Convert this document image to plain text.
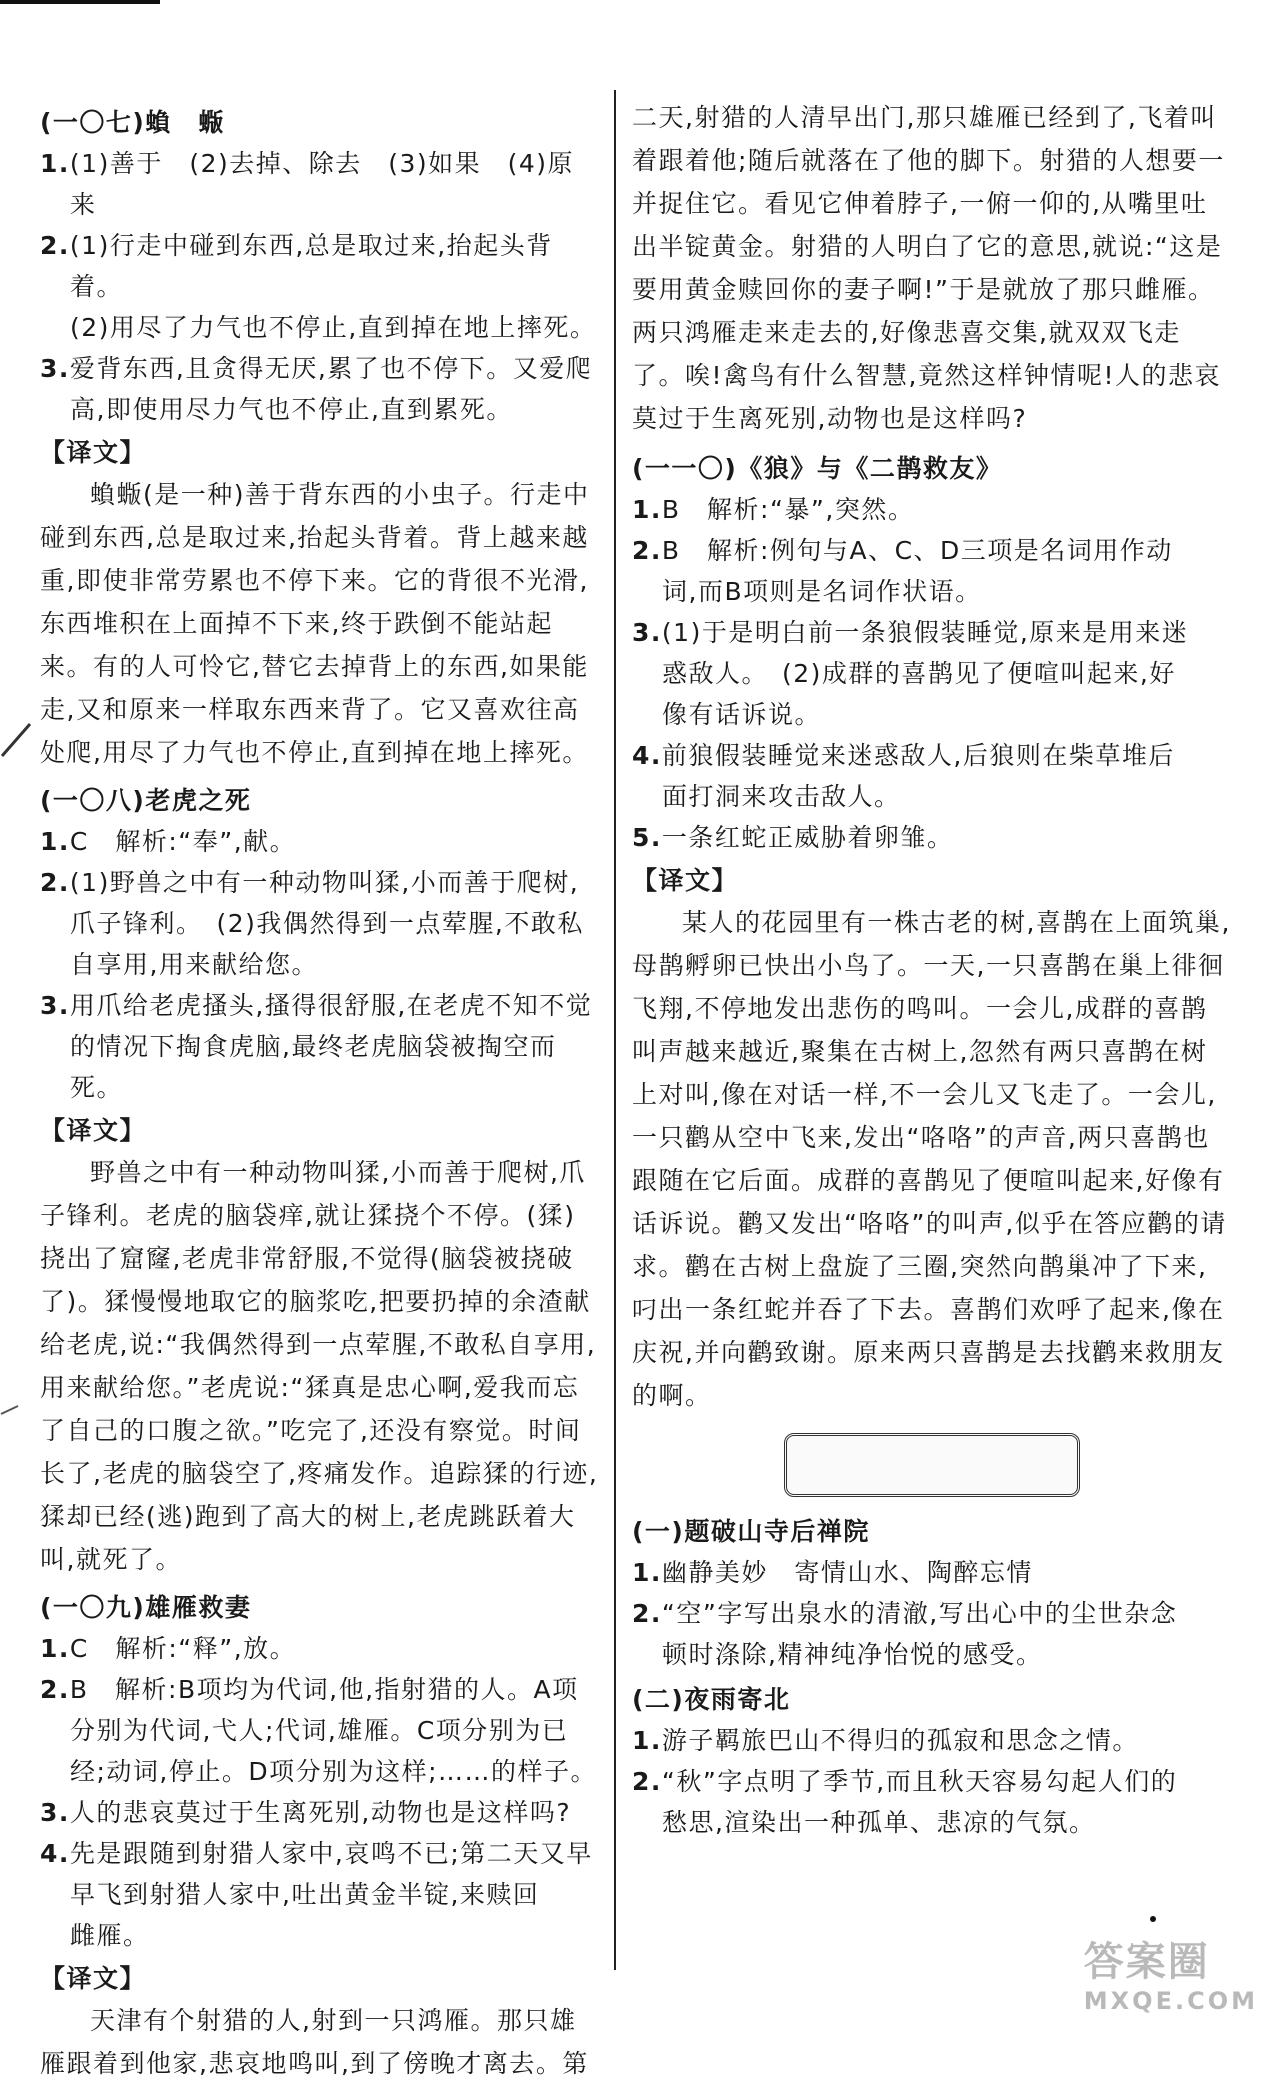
(一〇七)蝜　蝂
1.(1)善于　(2)去掉、除去　(3)如果　(4)原来
2.(1)行走中碰到东西,总是取过来,抬起头背着。
(2)用尽了力气也不停止,直到掉在地上摔死。
3.爱背东西,且贪得无厌,累了也不停下。又爱爬
高,即使用尽力气也不停止,直到累死。
【译文】

蝜蝂(是一种)善于背东西的小虫子。行走中碰到东西,总是取过来,抬起头背着。背上越来越重,即使非常劳累也不停下来。它的背很不光滑,东西堆积在上面掉不下来,终于跌倒不能站起来。有的人可怜它,替它去掉背上的东西,如果能走,又和原来一样取东西来背了。它又喜欢往高处爬,用尽了力气也不停止,直到掉在地上摔死。

(一〇八)老虎之死
1.C　解析:“奉”,献。
2.(1)野兽之中有一种动物叫猱,小而善于爬树,
爪子锋利。　(2)我偶然得到一点荤腥,不敢私
自享用,用来献给您。
3.用爪给老虎搔头,搔得很舒服,在老虎不知不觉
的情况下掏食虎脑,最终老虎脑袋被掏空而死。
【译文】

野兽之中有一种动物叫猱,小而善于爬树,爪子锋利。老虎的脑袋痒,就让猱挠个不停。(猱)挠出了窟窿,老虎非常舒服,不觉得(脑袋被挠破了)。猱慢慢地取它的脑浆吃,把要扔掉的余渣献给老虎,说:“我偶然得到一点荤腥,不敢私自享用,用来献给您。”老虎说:“猱真是忠心啊,爱我而忘了自己的口腹之欲。”吃完了,还没有察觉。时间长了,老虎的脑袋空了,疼痛发作。追踪猱的行迹,猱却已经(逃)跑到了高大的树上,老虎跳跃着大叫,就死了。

(一〇九)雄雁救妻
1.C　解析:“释”,放。
2.B　解析:B项均为代词,他,指射猎的人。A项
分别为代词,弋人;代词,雄雁。C项分别为已
经;动词,停止。D项分别为这样;……的样子。
3.人的悲哀莫过于生离死别,动物也是这样吗?
4.先是跟随到射猎人家中,哀鸣不已;第二天又早
早飞到射猎人家中,吐出黄金半锭,来赎回
雌雁。
【译文】

天津有个射猎的人,射到一只鸿雁。那只雄雁跟着到他家,悲哀地鸣叫,到了傍晚才离去。第

二天,射猎的人清早出门,那只雄雁已经到了,飞着叫着跟着他;随后就落在了他的脚下。射猎的人想要一并捉住它。看见它伸着脖子,一俯一仰的,从嘴里吐出半锭黄金。射猎的人明白了它的意思,就说:“这是要用黄金赎回你的妻子啊!”于是就放了那只雌雁。两只鸿雁走来走去的,好像悲喜交集,就双双飞走了。唉!禽鸟有什么智慧,竟然这样钟情呢!人的悲哀莫过于生离死别,动物也是这样吗?

(一一〇)《狼》与《二鹊救友》
1.B　解析:“暴”,突然。
2.B　解析:例句与A、C、D三项是名词用作动
词,而B项则是名词作状语。
3.(1)于是明白前一条狼假装睡觉,原来是用来迷
惑敌人。　(2)成群的喜鹊见了便喧叫起来,好
像有话诉说。
4.前狼假装睡觉来迷惑敌人,后狼则在柴草堆后
面打洞来攻击敌人。
5.一条红蛇正威胁着卵雏。
【译文】

某人的花园里有一株古老的树,喜鹊在上面筑巢,母鹊孵卵已快出小鸟了。一天,一只喜鹊在巢上徘徊飞翔,不停地发出悲伤的鸣叫。一会儿,成群的喜鹊叫声越来越近,聚集在古树上,忽然有两只喜鹊在树上对叫,像在对话一样,不一会儿又飞走了。一会儿,一只鹳从空中飞来,发出“咯咯”的声音,两只喜鹊也跟随在它后面。成群的喜鹊见了便喧叫起来,好像有话诉说。鹳又发出“咯咯”的叫声,似乎在答应鹳的请求。鹳在古树上盘旋了三圈,突然向鹊巢冲了下来,叼出一条红蛇并吞了下去。喜鹊们欢呼了起来,像在庆祝,并向鹳致谢。原来两只喜鹊是去找鹳来救朋友的啊。

(一)题破山寺后禅院
1.幽静美妙　寄情山水、陶醉忘情
2.“空”字写出泉水的清澈,写出心中的尘世杂念
顿时涤除,精神纯净怡悦的感受。
(二)夜雨寄北
1.游子羁旅巴山不得归的孤寂和思念之情。
2.“秋”字点明了季节,而且秋天容易勾起人们的
愁思,渲染出一种孤单、悲凉的气氛。
答案圈
MXQE.COM
